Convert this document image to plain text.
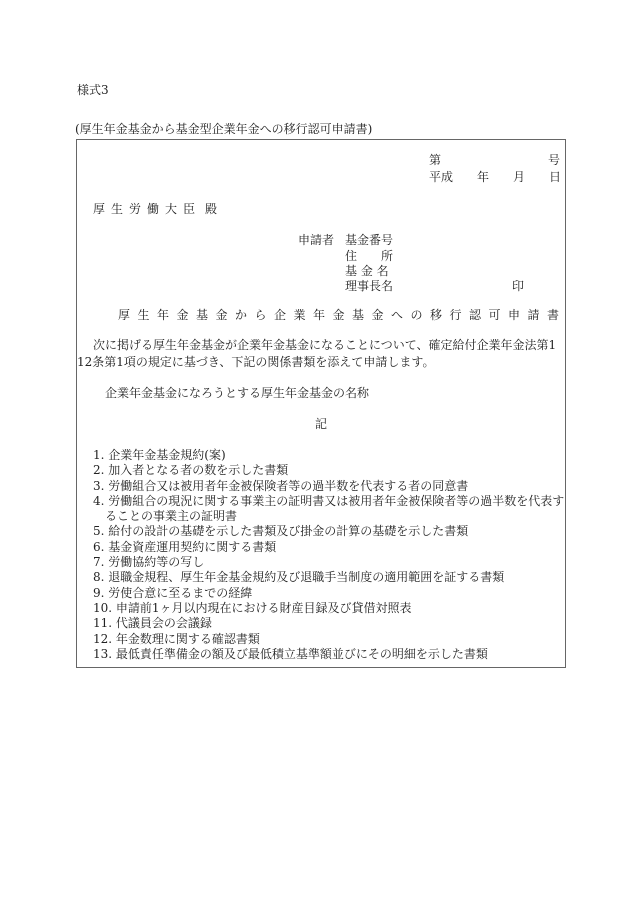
様式3
(厚生年金基金から基金型企業年金への移行認可申請書)
第	号
平成 年 月 日
厚生労働大臣 殿
申請者 基金番号
住　　所
基 金 名
理事長名	印
厚生年金基金から企業年金基金への移行認可申請書
次に掲げる厚生年金基金が企業年金基金になることについて、確定給付企業年金法第1
12条第1項の規定に基づき、下記の関係書類を添えて申請します。
企業年金基金になろうとする厚生年金基金の名称
記
1. 企業年金基金規約(案)
2. 加入者となる者の数を示した書類
3. 労働組合又は被用者年金被保険者等の過半数を代表する者の同意書
4. 労働組合の現況に関する事業主の証明書又は被用者年金被保険者等の過半数を代表す
　ることの事業主の証明書
5. 給付の設計の基礎を示した書類及び掛金の計算の基礎を示した書類
6. 基金資産運用契約に関する書類
7. 労働協約等の写し
8. 退職金規程、厚生年金基金規約及び退職手当制度の適用範囲を証する書類
9. 労使合意に至るまでの経緯
10. 申請前1ヶ月以内現在における財産目録及び貸借対照表
11. 代議員会の会議録
12. 年金数理に関する確認書類
13. 最低責任準備金の額及び最低積立基準額並びにその明細を示した書類
